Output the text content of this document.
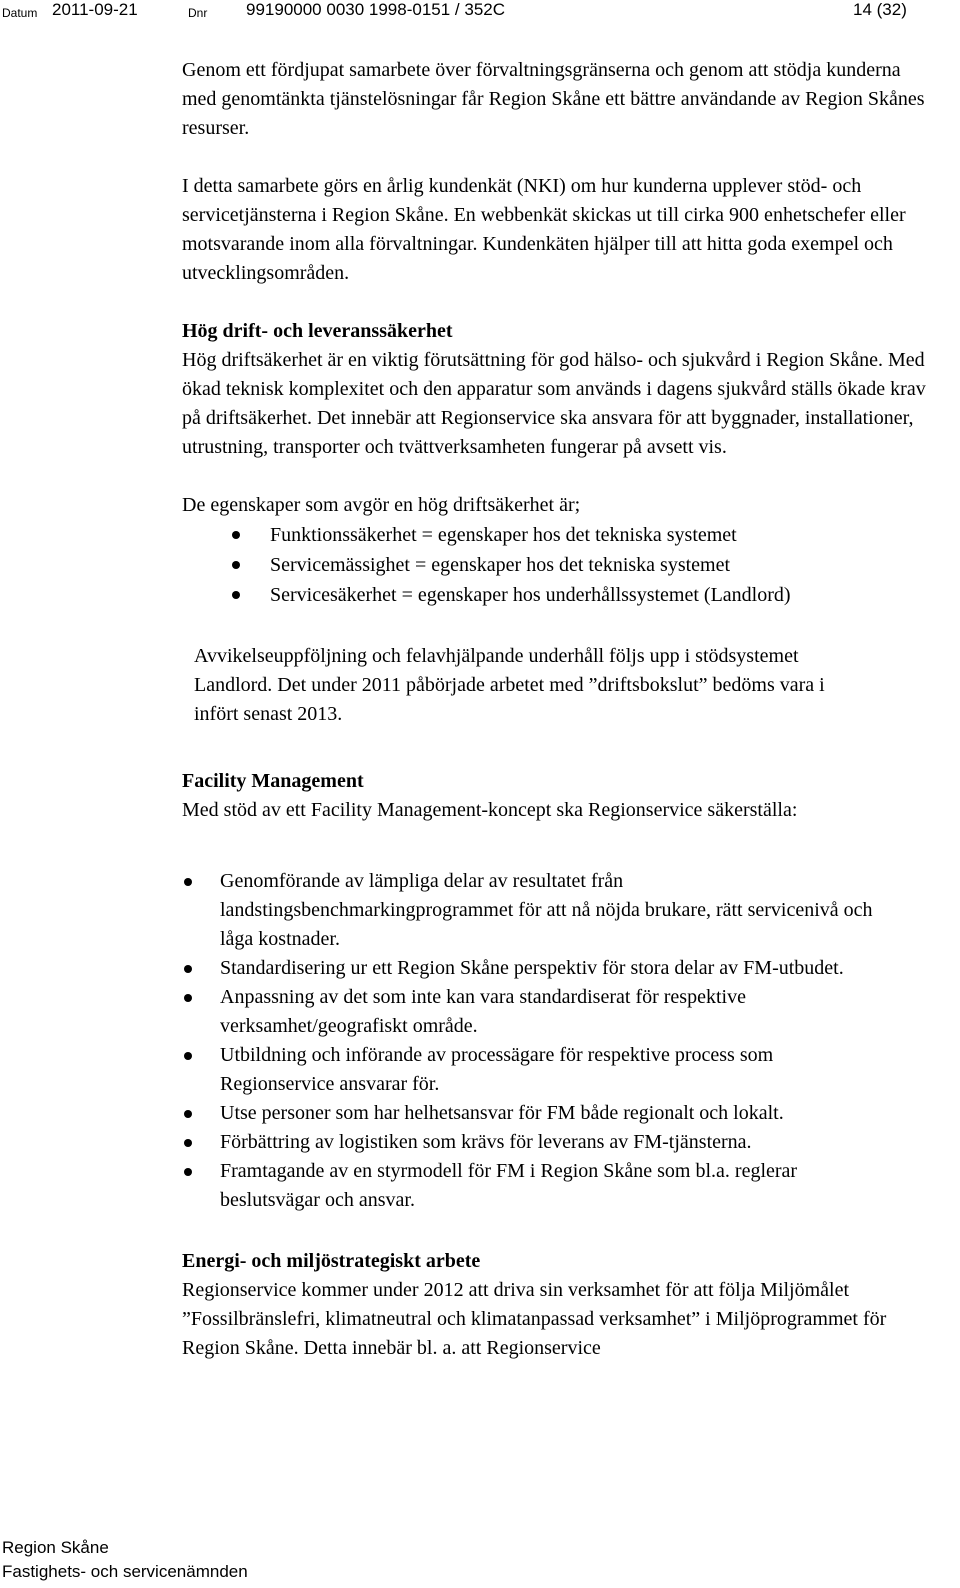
Datum 2011-09-21	Dnr 99190000 0030 1998-0151 / 352C	14 (32)

Genom ett fördjupat samarbete över förvaltningsgränserna och genom att stödja kunderna med genomtänkta tjänstelösningar får Region Skåne ett bättre användande av Region Skånes resurser.

I detta samarbete görs en årlig kundenkät (NKI) om hur kunderna upplever stöd- och servicetjänsterna i Region Skåne. En webbenkät skickas ut till cirka 900 enhetschefer eller motsvarande inom alla förvaltningar. Kundenkäten hjälper till att hitta goda exempel och utvecklingsområden.

Hög drift- och leveranssäkerhet

Hög driftsäkerhet är en viktig förutsättning för god hälso- och sjukvård i Region Skåne. Med ökad teknisk komplexitet och den apparatur som används i dagens sjukvård ställs ökade krav på driftsäkerhet. Det innebär att Regionservice ska ansvara för att byggnader, installationer, utrustning, transporter och tvättverksamheten fungerar på avsett vis.

De egenskaper som avgör en hög driftsäkerhet är;

Funktionssäkerhet = egenskaper hos det tekniska systemet
Servicemässighet = egenskaper hos det tekniska systemet
Servicesäkerhet = egenskaper hos underhållssystemet (Landlord)

Avvikelseuppföljning och felavhjälpande underhåll följs upp i stödsystemet Landlord. Det under 2011 påbörjade arbetet med ”driftsbokslut” bedöms vara i infört senast 2013.

Facility Management

Med stöd av ett Facility Management-koncept ska Regionservice säkerställa:

Genomförande av lämpliga delar av resultatet från landstingsbenchmarkingprogrammet för att nå nöjda brukare, rätt servicenivå och låga kostnader.
Standardisering ur ett Region Skåne perspektiv för stora delar av FM-utbudet.
Anpassning av det som inte kan vara standardiserat för respektive verksamhet/geografiskt område.
Utbildning och införande av processägare för respektive process som Regionservice ansvarar för.
Utse personer som har helhetsansvar för FM både regionalt och lokalt.
Förbättring av logistiken som krävs för leverans av FM-tjänsterna.
Framtagande av en styrmodell för FM i Region Skåne som bl.a. reglerar beslutsvägar och ansvar.
Energi- och miljöstrategiskt arbete

Regionservice kommer under 2012 att driva sin verksamhet för att följa Miljömålet ”Fossilbränslefri, klimatneutral och klimatanpassad verksamhet” i Miljöprogrammet för Region Skåne. Detta innebär bl. a. att Regionservice

Region Skåne
Fastighets- och servicenämnden
